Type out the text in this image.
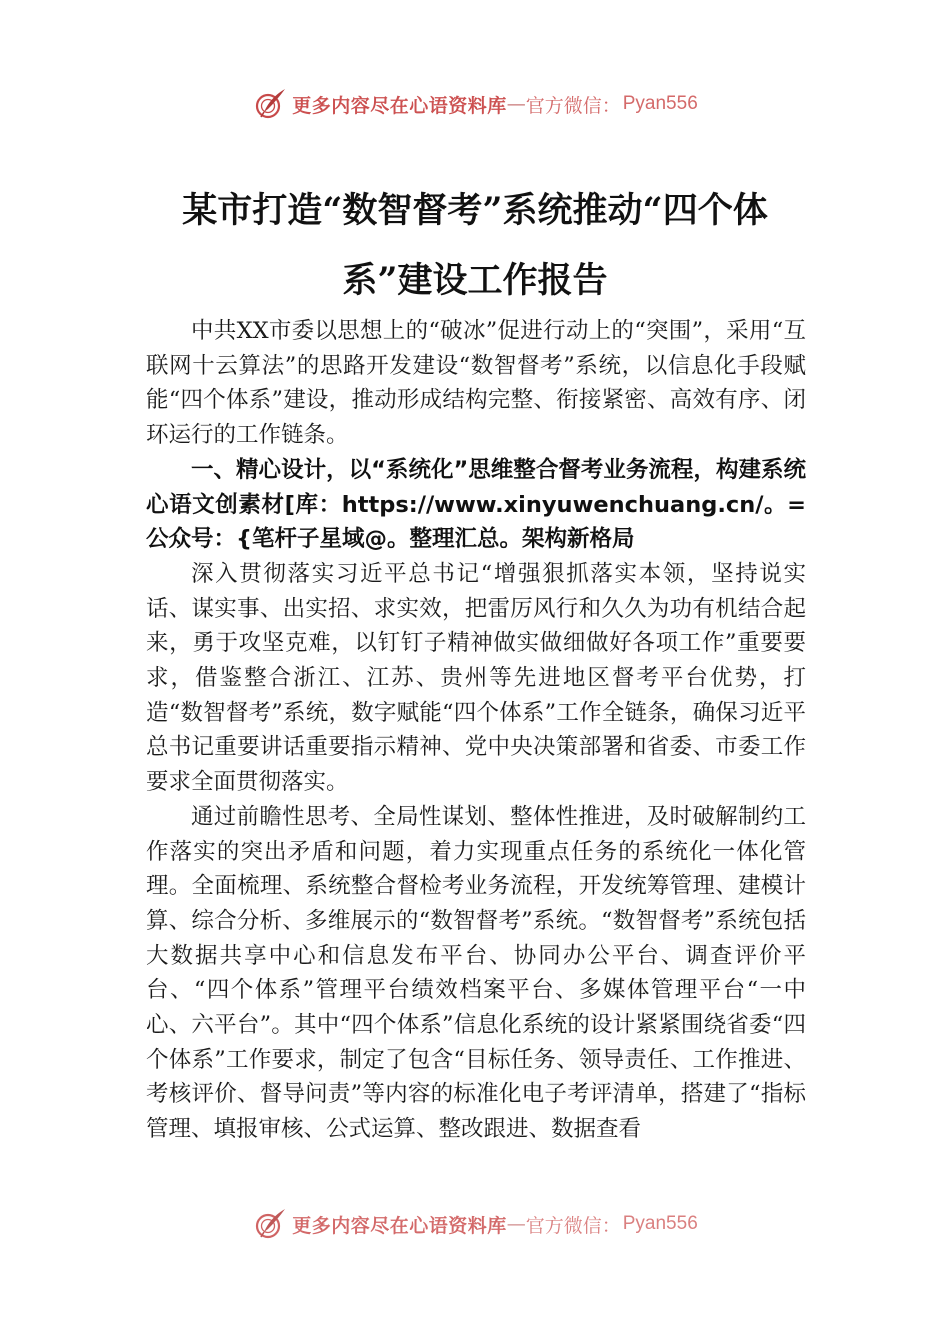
更多内容尽在心语资料库 — 官方微信： Pyan556
某市打造“数智督考”系统推动“四个体系”建设工作报告

中共XX市委以思想上的“破冰”促进行动上的“突围”，采用“互联网十云算法”的思路开发建设“数智督考”系统，以信息化手段赋能“四个体系”建设，推动形成结构完整、衔接紧密、高效有序、闭环运行的工作链条。

一、精心设计，以“系统化”思维整合督考业务流程，构建系统心语文创素材[库：https://www.xinyuwenchuang.cn/。=公众号：{笔杆子星域@。整理汇总。架构新格局

深入贯彻落实习近平总书记“增强狠抓落实本领，坚持说实话、谋实事、出实招、求实效，把雷厉风行和久久为功有机结合起来，勇于攻坚克难，以钉钉子精神做实做细做好各项工作”重要要求，借鉴整合浙江、江苏、贵州等先进地区督考平台优势，打造“数智督考”系统，数字赋能“四个体系”工作全链条，确保习近平总书记重要讲话重要指示精神、党中央决策部署和省委、市委工作要求全面贯彻落实。

通过前瞻性思考、全局性谋划、整体性推进，及时破解制约工作落实的突出矛盾和问题，着力实现重点任务的系统化一体化管理。全面梳理、系统整合督检考业务流程，开发统筹管理、建模计算、综合分析、多维展示的“数智督考”系统。“数智督考”系统包括大数据共享中心和信息发布平台、协同办公平台、调查评价平台、“四个体系”管理平台绩效档案平台、多媒体管理平台“一中心、六平台”。其中“四个体系”信息化系统的设计紧紧围绕省委“四个体系”工作要求，制定了包含“目标任务、领导责任、工作推进、考核评价、督导问责”等内容的标准化电子考评清单，搭建了“指标管理、填报审核、公式运算、整改跟进、数据查看

更多内容尽在心语资料库 — 官方微信： Pyan556
